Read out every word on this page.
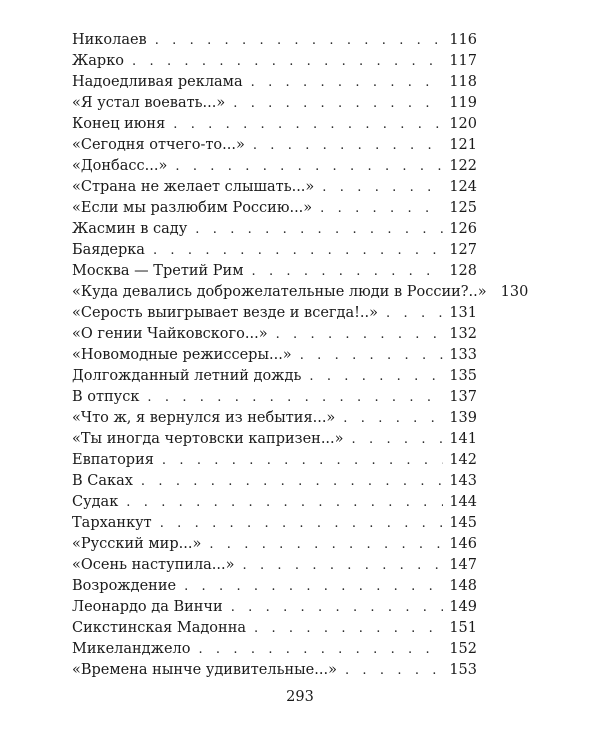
Николаев . . .	116
Жарко . . .	117
Надоедливая реклама . . .	118
«Я устал воевать...» . . .	119
Конец июня . . .	120
«Сегодня отчего-то...» . . .	121
«Донбасс...» . . .	122
«Страна не желает слышать...» . . .	124
«Если мы разлюбим Россию...» . . .	125
Жасмин в саду . . .	126
Баядерка . . .	127
Москва — Третий Рим . . .	128
«Куда девались доброжелательные люди в России?..» 130
«Серость выигрывает везде и всегда!..» . . .	131
«О гении Чайковского...» . . .	132
«Новомодные режиссеры...» . . .	133
Долгожданный летний дождь . . .	135
В отпуск . . .	137
«Что ж, я вернулся из небытия...» . . .	139
«Ты иногда чертовски капризен...» . . .	141
Евпатория . . .	142
В Саках . . .	143
Судак . . .	144
Тарханкут . . .	145
«Русский мир...» . . .	146
«Осень наступила...» . . .	147
Возрождение . . .	148
Леонардо да Винчи . . .	149
Сикстинская Мадонна . . .	151
Микеланджело . . .	152
«Времена нынче удивительные...» . . .	153
293
